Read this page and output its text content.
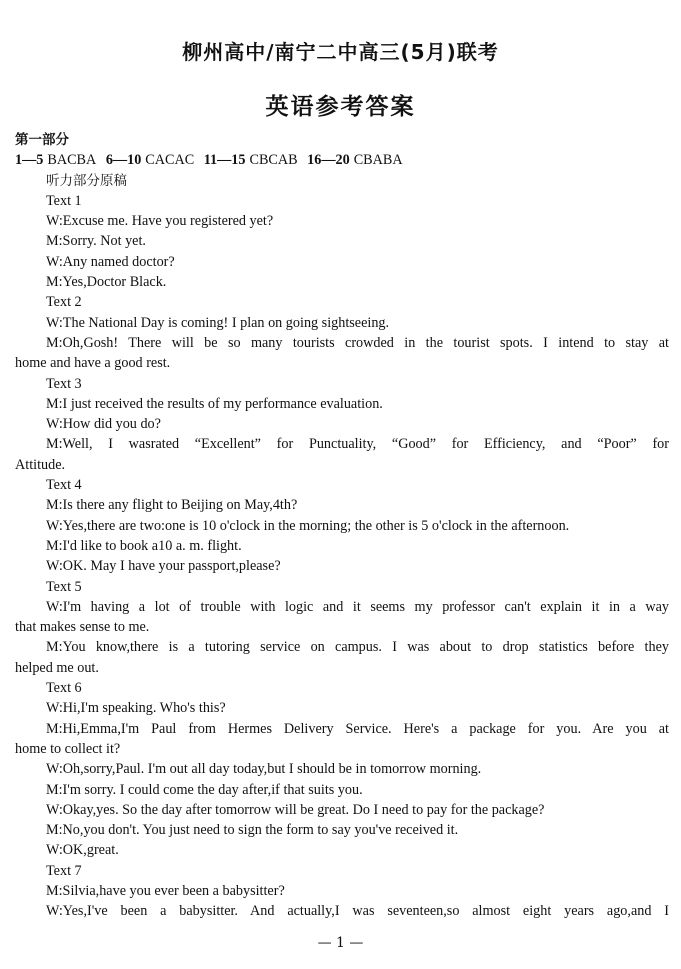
柳州高中/南宁二中高三(5月)联考
英语参考答案
第一部分
1—5 BACBA 6—10 CACAC 11—15 CBCAB 16—20 CBABA
听力部分原稿
Text 1
W:Excuse me. Have you registered yet?
M:Sorry. Not yet.
W:Any named doctor?
M:Yes,Doctor Black.
Text 2
W:The National Day is coming! I plan on going sightseeing.
M:Oh,Gosh! There will be so many tourists crowded in the tourist spots. I intend to stay at
home and have a good rest.
Text 3
M:I just received the results of my performance evaluation.
W:How did you do?
M:Well, I wasrated “Excellent” for Punctuality, “Good” for Efficiency, and “Poor” for
Attitude.
Text 4
M:Is there any flight to Beijing on May,4th?
W:Yes,there are two:one is 10 o'clock in the morning; the other is 5 o'clock in the afternoon.
M:I'd like to book a10 a. m. flight.
W:OK. May I have your passport,please?
Text 5
W:I'm having a lot of trouble with logic and it seems my professor can't explain it in a way
that makes sense to me.
M:You know,there is a tutoring service on campus. I was about to drop statistics before they
helped me out.
Text 6
W:Hi,I'm speaking. Who's this?
M:Hi,Emma,I'm Paul from Hermes Delivery Service. Here's a package for you. Are you at
home to collect it?
W:Oh,sorry,Paul. I'm out all day today,but I should be in tomorrow morning.
M:I'm sorry. I could come the day after,if that suits you.
W:Okay,yes. So the day after tomorrow will be great. Do I need to pay for the package?
M:No,you don't. You just need to sign the form to say you've received it.
W:OK,great.
Text 7
M:Silvia,have you ever been a babysitter?
W:Yes,I've been a babysitter. And actually,I was seventeen,so almost eight years ago,and I
— 1 —
